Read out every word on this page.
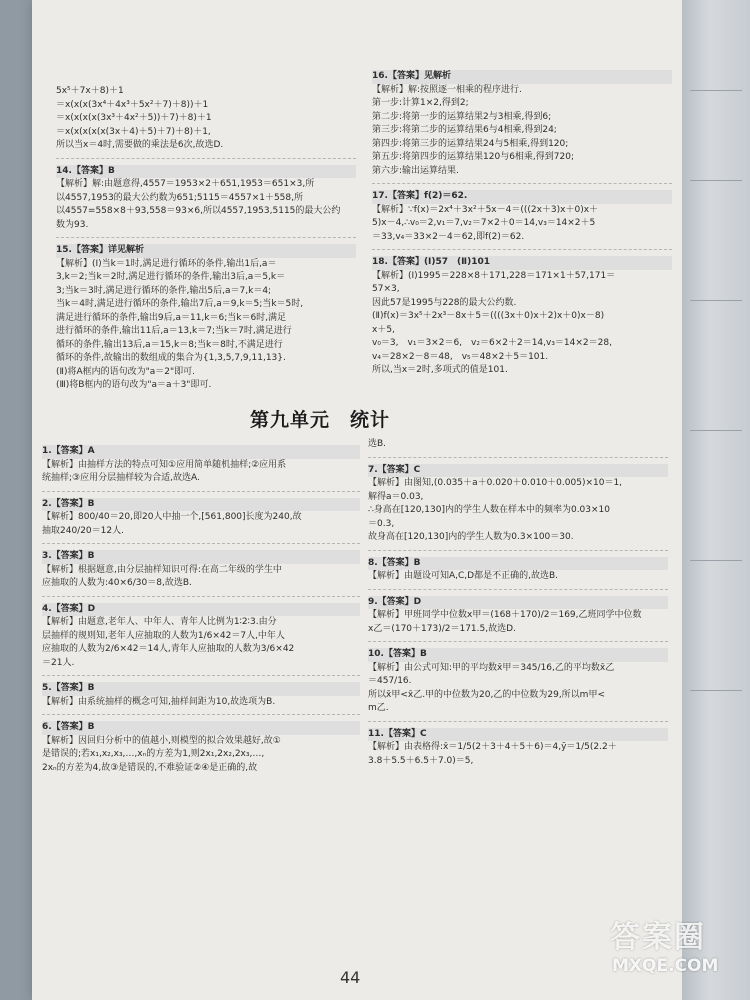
5x⁵＋7x＋8)＋1

＝x(x(x(3x⁴＋4x³＋5x²＋7)＋8))＋1

＝x(x(x(x(3x³＋4x²＋5))＋7)＋8)＋1

＝x(x(x(x(x(3x＋4)＋5)＋7)＋8)＋1,

所以当x＝4时,需要做的乘法是6次,故选D.

14.【答案】B

【解析】解:由题意得,4557＝1953×2＋651,1953＝651×3,所

以4557,1953的最大公约数为651;5115＝4557×1＋558,所

以4557=558×8＋93,558＝93×6,所以4557,1953,5115的最大公约

数为93.

15.【答案】详见解析

【解析】(Ⅰ)当k＝1时,满足进行循环的条件,输出1后,a＝

3,k＝2;当k＝2时,满足进行循环的条件,输出3后,a＝5,k＝

3;当k＝3时,满足进行循环的条件,输出5后,a＝7,k＝4;

当k＝4时,满足进行循环的条件,输出7后,a＝9,k＝5;当k＝5时,

满足进行循环的条件,输出9后,a＝11,k＝6;当k＝6时,满足

进行循环的条件,输出11后,a＝13,k＝7;当k＝7时,满足进行

循环的条件,输出13后,a＝15,k＝8;当k＝8时,不满足进行

循环的条件,故输出的数组成的集合为{1,3,5,7,9,11,13}.

(Ⅱ)将A框内的语句改为"a＝2"即可.

(Ⅲ)将B框内的语句改为"a＝a＋3"即可.

16.【答案】见解析

【解析】解:按照逐一相乘的程序进行.

第一步:计算1×2,得到2;

第二步:将第一步的运算结果2与3相乘,得到6;

第三步:将第二步的运算结果6与4相乘,得到24;

第四步:将第三步的运算结果24与5相乘,得到120;

第五步:将第四步的运算结果120与6相乘,得到720;

第六步:输出运算结果.

17.【答案】f(2)＝62.

【解析】∵f(x)＝2x⁴＋3x²＋5x－4＝(((2x＋3)x＋0)x＋

5)x－4,∴v₀＝2,v₁＝7,v₂＝7×2＋0＝14,v₃＝14×2＋5

＝33,v₄＝33×2－4＝62,即f(2)＝62.

18.【答案】(Ⅰ)57　(Ⅱ)101

【解析】(Ⅰ)1995＝228×8＋171,228＝171×1＋57,171＝

57×3,

因此57是1995与228的最大公约数.

(Ⅱ)f(x)＝3x⁵＋2x³－8x＋5＝((((3x＋0)x＋2)x＋0)x－8)

x＋5,

v₀＝3,　v₁＝3×2＝6,　v₂＝6×2＋2＝14,v₃＝14×2＝28,

v₄＝28×2－8＝48,　v₅＝48×2＋5＝101.

所以,当x＝2时,多项式的值是101.

第九单元　统计

1.【答案】A

【解析】由抽样方法的特点可知①应用简单随机抽样;②应用系

统抽样;③应用分层抽样较为合适,故选A.

2.【答案】B

【解析】800/40＝20,即20人中抽一个,[561,800]长度为240,故

抽取240/20＝12人.

3.【答案】B

【解析】根据题意,由分层抽样知识可得:在高二年级的学生中

应抽取的人数为:40×6/30＝8,故选B.

4.【答案】D

【解析】由题意,老年人、中年人、青年人比例为1∶2∶3.由分

层抽样的规则知,老年人应抽取的人数为1/6×42＝7人,中年人

应抽取的人数为2/6×42＝14人,青年人应抽取的人数为3/6×42

＝21人.

5.【答案】B

【解析】由系统抽样的概念可知,抽样间距为10,故选项为B.

6.【答案】B

【解析】因回归分析中的值越小,则模型的拟合效果越好,故①

是错误的;若x₁,x₂,x₃,…,xₙ的方差为1,则2x₁,2x₂,2x₃,…,

2xₙ的方差为4,故③是错误的,不难验证②④是正确的,故

选B.

7.【答案】C

【解析】由图知,(0.035＋a＋0.020＋0.010＋0.005)×10＝1,

解得a＝0.03,

∴身高在[120,130]内的学生人数在样本中的频率为0.03×10

＝0.3,

故身高在[120,130]内的学生人数为0.3×100＝30.

8.【答案】B

【解析】由题设可知A,C,D都是不正确的,故选B.

9.【答案】D

【解析】甲班同学中位数x甲＝(168＋170)/2＝169,乙班同学中位数

x乙＝(170＋173)/2＝171.5,故选D.

10.【答案】B

【解析】由公式可知:甲的平均数x̄甲＝345/16,乙的平均数x̄乙

＝457/16.

所以x̄甲<x̄乙.甲的中位数为20,乙的中位数为29,所以m甲<

m乙.

11.【答案】C

【解析】由表格得:x̄＝1/5(2＋3＋4＋5＋6)＝4,ȳ＝1/5(2.2＋

3.8＋5.5＋6.5＋7.0)＝5,

44
答案圈
MXQE.COM
